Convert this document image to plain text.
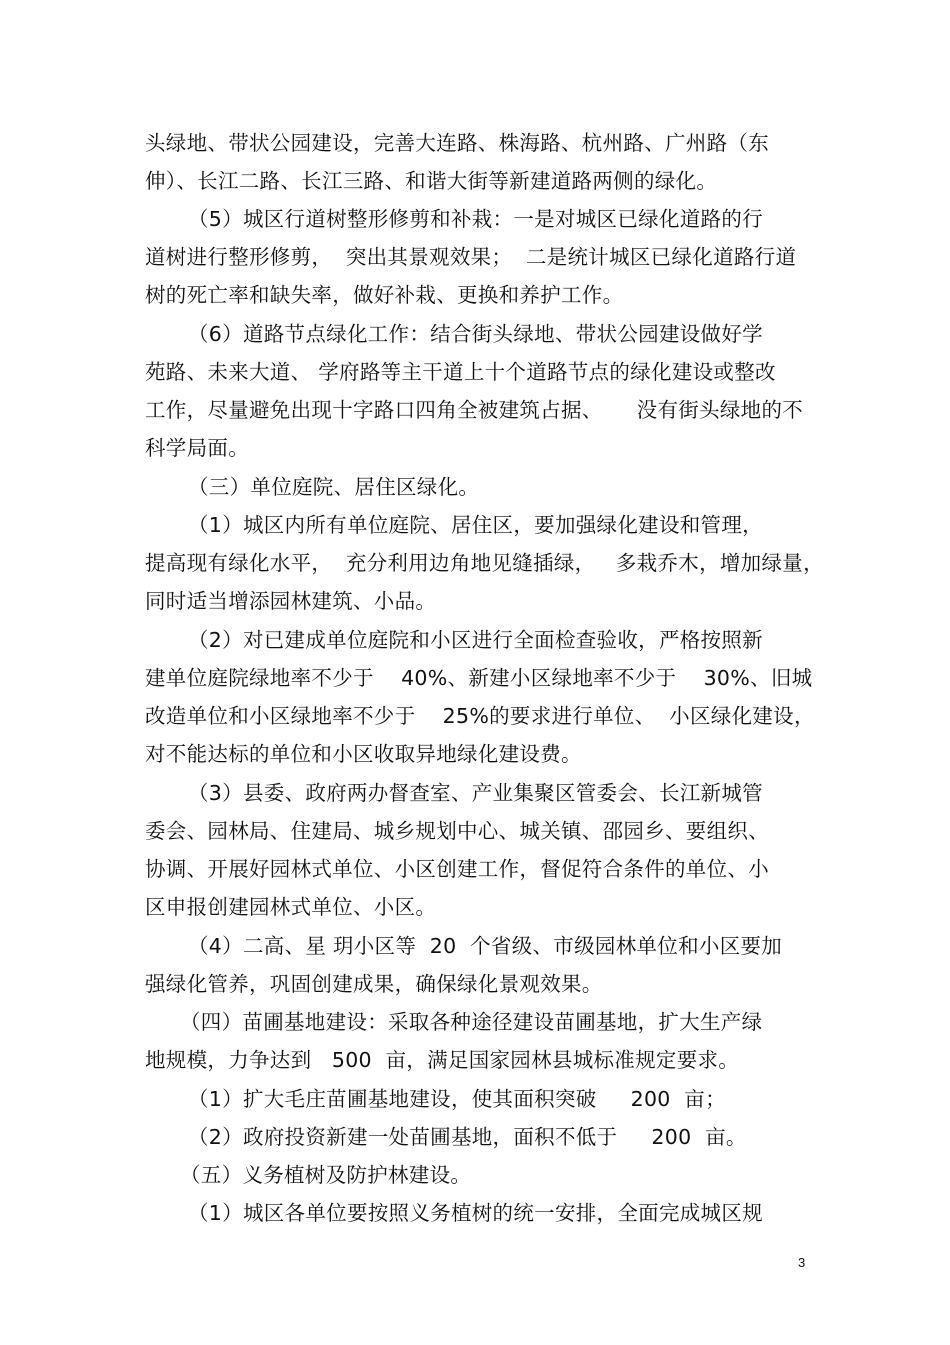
头绿地、带状公园建设，完善大连路、株海路、杭州路、广州路（东
伸）、长江二路、长江三路、和谐大街等新建道路两侧的绿化。
（5）城区行道树整形修剪和补栽：一是对城区已绿化道路的行
道树进行整形修剪，  突出其景观效果；  二是统计城区已绿化道路行道
树的死亡率和缺失率，做好补栽、更换和养护工作。
（6）道路节点绿化工作：结合街头绿地、带状公园建设做好学
苑路、未来大道、 学府路等主干道上十个道路节点的绿化建设或整改
工作，尽量避免出现十字路口四角全被建筑占据、     没有街头绿地的不
科学局面。
（三）单位庭院、居住区绿化。
（1）城区内所有单位庭院、居住区，要加强绿化建设和管理，
提高现有绿化水平，  充分利用边角地见缝插绿，   多栽乔木，增加绿量，
同时适当增添园林建筑、小品。
（2）对已建成单位庭院和小区进行全面检查验收，严格按照新
建单位庭院绿地率不少于    40%、新建小区绿地率不少于    30%、旧城
改造单位和小区绿地率不少于    25%的要求进行单位、  小区绿化建设，
对不能达标的单位和小区收取异地绿化建设费。
（3）县委、政府两办督查室、产业集聚区管委会、长江新城管
委会、园林局、住建局、城乡规划中心、城关镇、邵园乡、要组织、
协调、开展好园林式单位、小区创建工作，督促符合条件的单位、小
区申报创建园林式单位、小区。
（4）二高、星 玥小区等  20  个省级、市级园林单位和小区要加
强绿化管养，巩固创建成果，确保绿化景观效果。
（四）苗圃基地建设：采取各种途径建设苗圃基地，扩大生产绿
地规模，力争达到   500  亩，满足国家园林县城标准规定要求。
（1）扩大毛庄苗圃基地建设，使其面积突破     200  亩；
（2）政府投资新建一处苗圃基地，面积不低于     200  亩。
（五）义务植树及防护林建设。
（1）城区各单位要按照义务植树的统一安排，全面完成城区规
3
